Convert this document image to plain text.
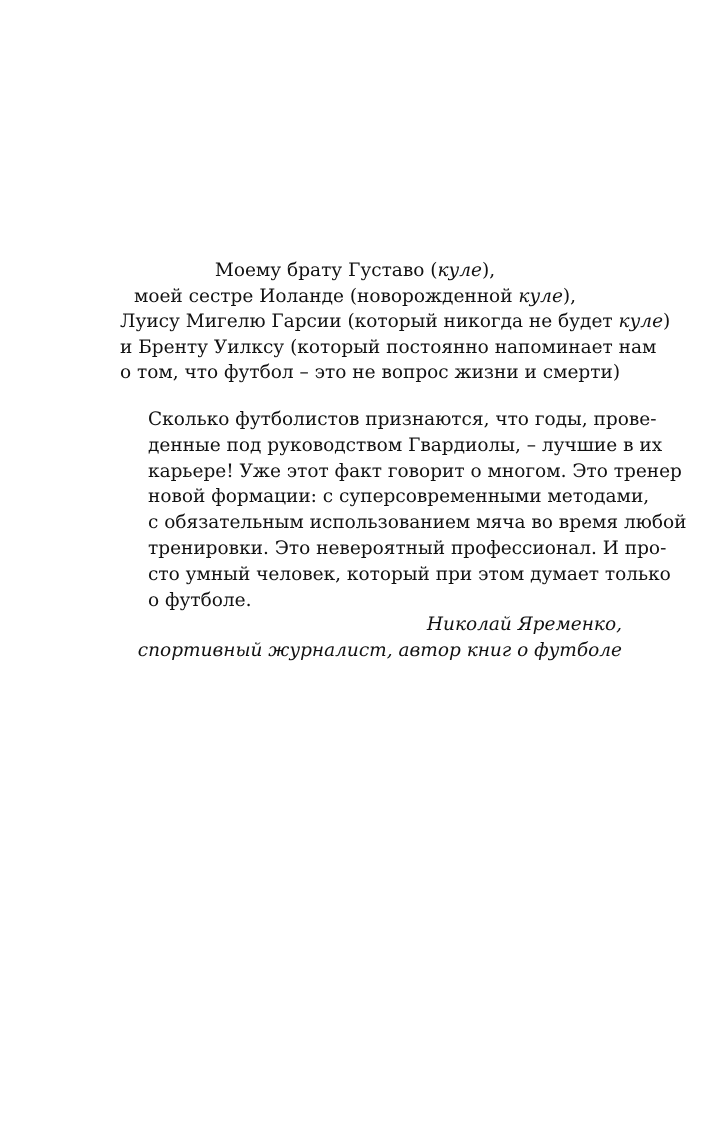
Моему брату Густаво (куле),
моей сестре Иоланде (новорожденной куле),
Луису Мигелю Гарсии (который никогда не будет куле)
и Бренту Уилксу (который постоянно напоминает нам
о том, что футбол – это не вопрос жизни и смерти)
Сколько футболистов признаются, что годы, прове-
денные под руководством Гвардиолы, – лучшие в их
карьере! Уже этот факт говорит о многом. Это тренер
новой формации: с суперсовременными методами,
с обязательным использованием мяча во время любой
тренировки. Это невероятный профессионал. И про-
сто умный человек, который при этом думает только
о футболе.
Николай Яременко,
спортивный журналист, автор книг о футболе
